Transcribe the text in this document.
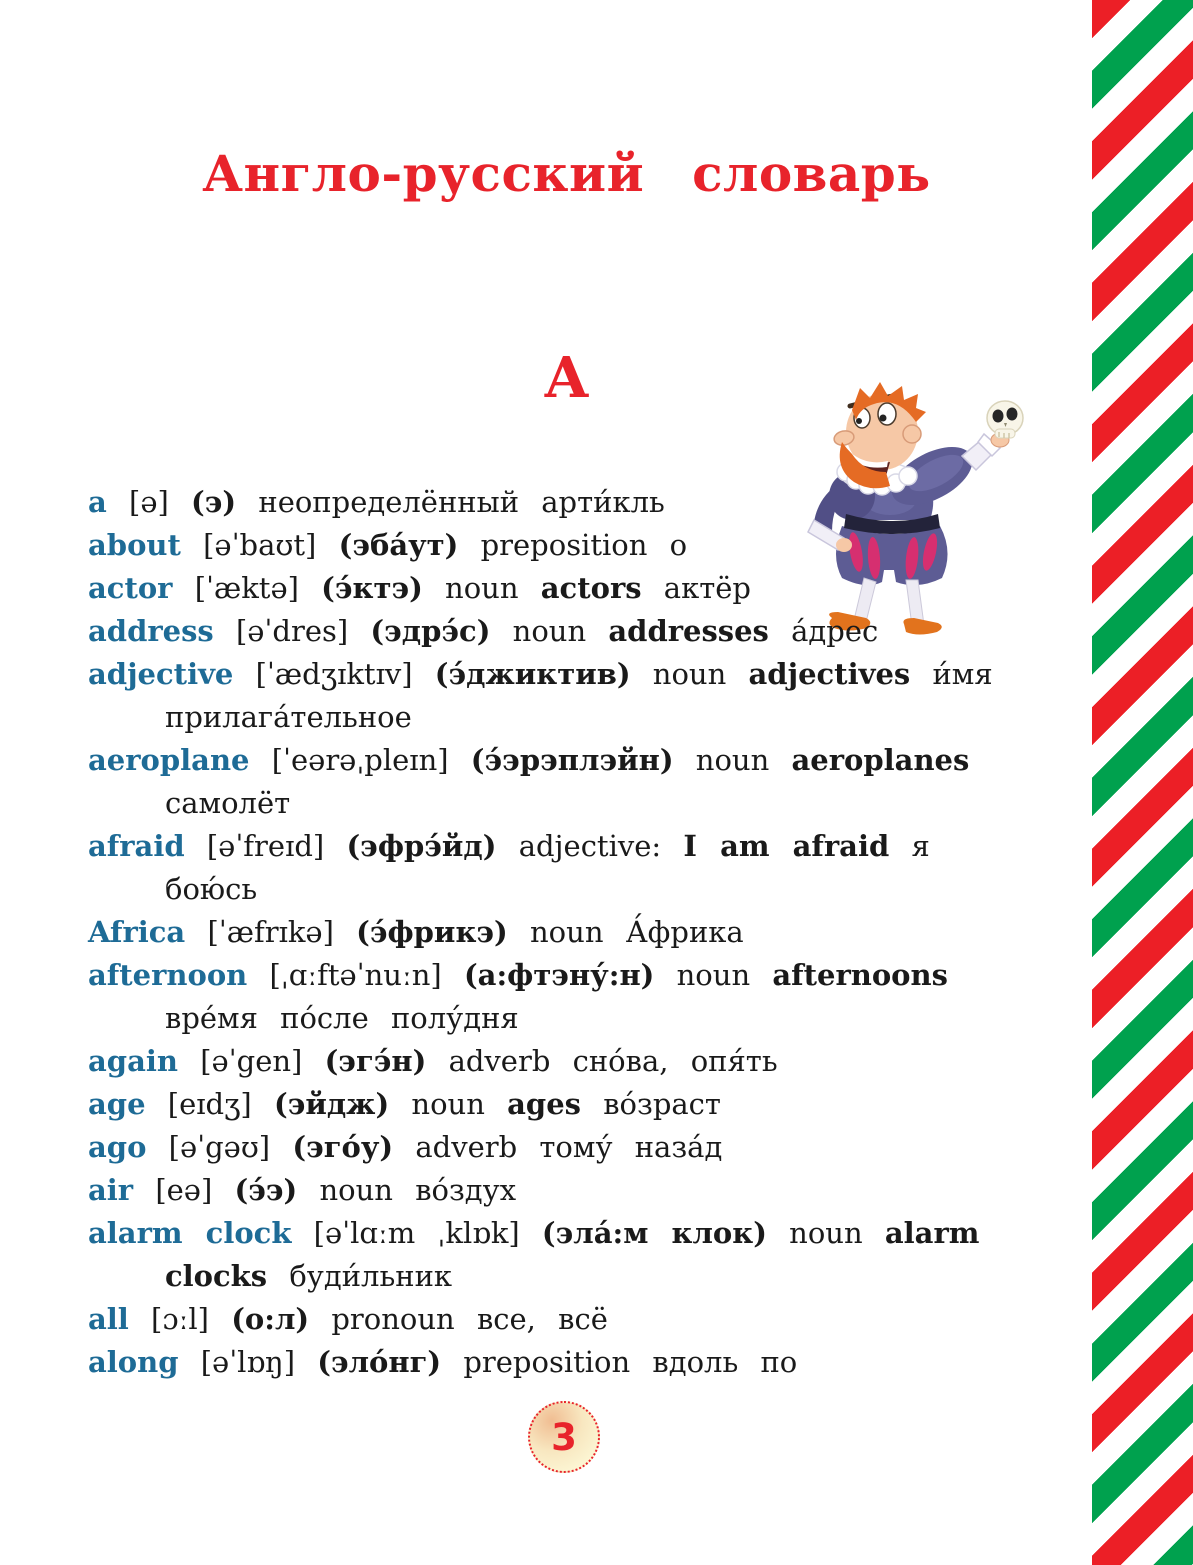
Англо-русский словарь
A
a [ə] (э) неопределённый арти́кль
about [əˈbaʊt] (эба́ут) preposition о
actor [ˈæktə] (э́ктэ) noun actors актёр
address [əˈdres] (эдрэ́с) noun addresses а́дрес
adjective [ˈædʒɪktɪv] (э́джиктив) noun adjectives и́мя
прилага́тельное
aeroplane [ˈeərəˌpleɪn] (э́эрэплэйн) noun aeroplanes
самолёт
afraid [əˈfreɪd] (эфрэ́йд) adjective: I am afraid я
бою́сь
Africa [ˈæfrɪkə] (э́фрикэ) noun А́фрика
afternoon [ˌɑːftəˈnuːn] (а:фтэну́:н) noun afternoons
вре́мя по́сле полу́дня
again [əˈgen] (эгэ́н) adverb сно́ва, опя́ть
age [eɪdʒ] (эйдж) noun ages во́зраст
ago [əˈgəʊ] (эго́у) adverb тому́ наза́д
air [eə] (э́э) noun во́здух
alarm clock [əˈlɑːm ˌklɒk] (эла́:м клок) noun alarm
clocks буди́льник
all [ɔːl] (о:л) pronoun все, всё
along [əˈlɒŋ] (эло́нг) preposition вдоль по
3
